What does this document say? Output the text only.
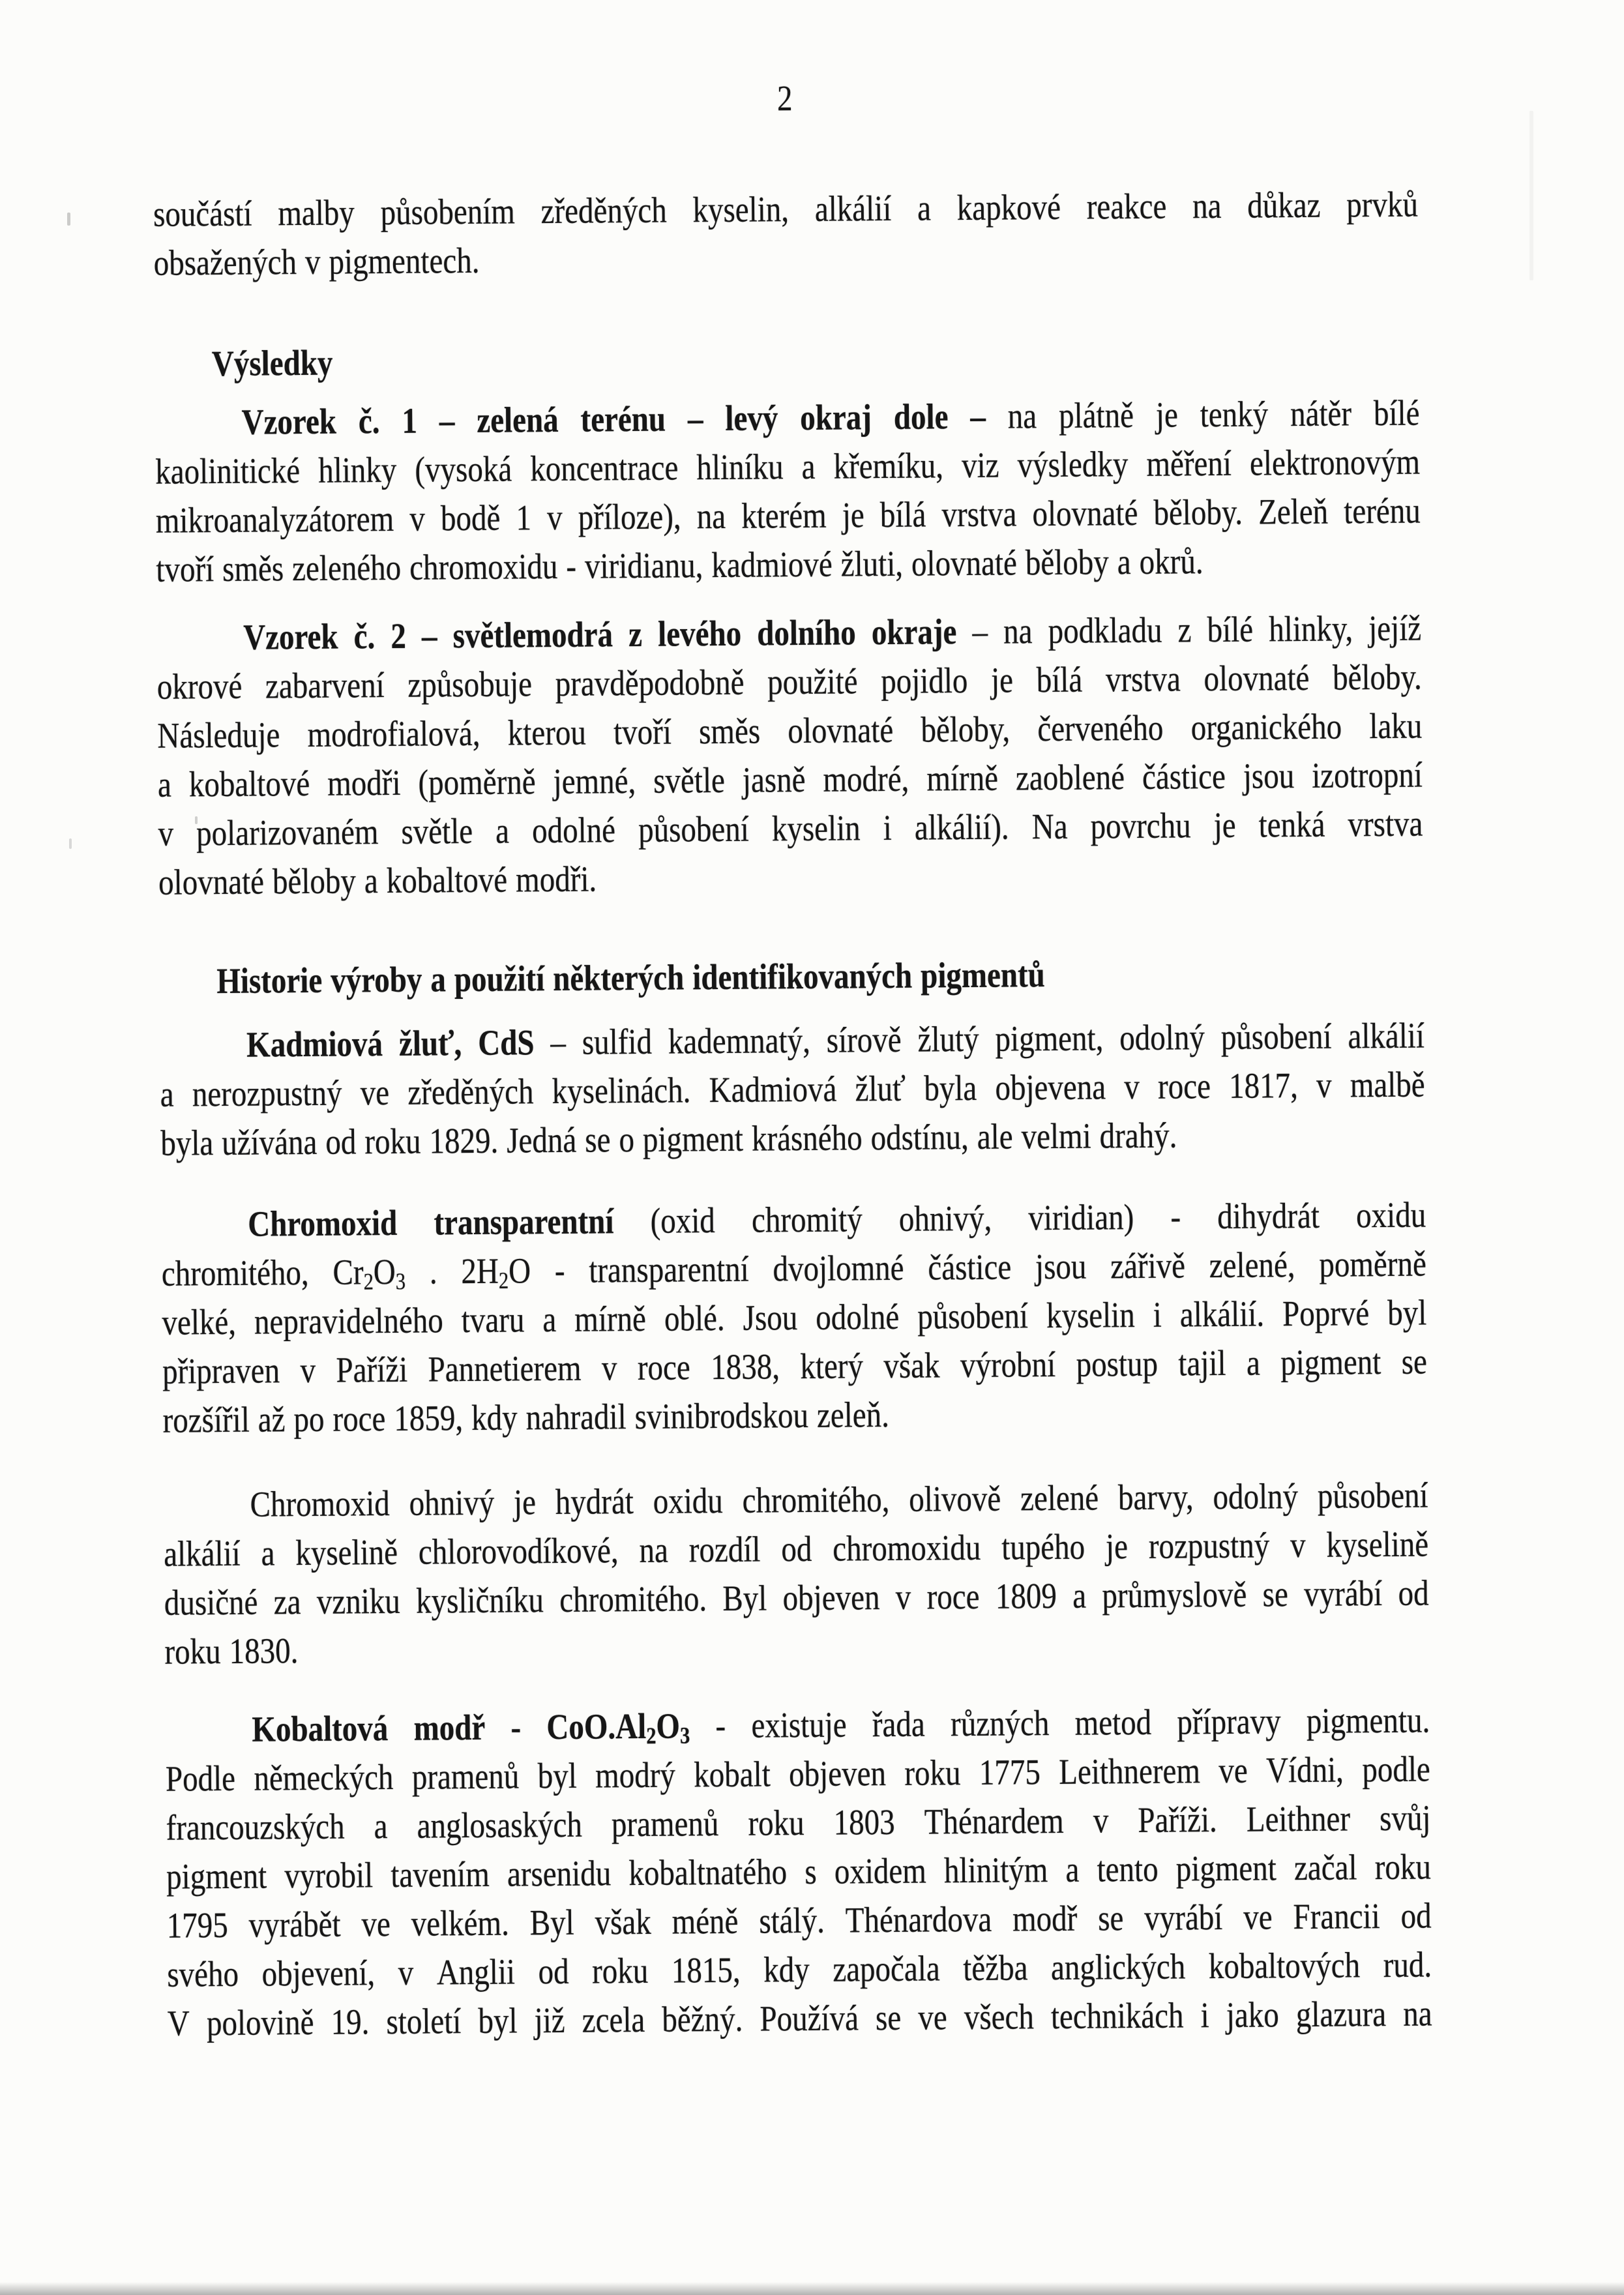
2
součástí malby působením zředěných kyselin, alkálií a kapkové reakce na důkaz prvků
obsažených v pigmentech.
Výsledky
Vzorek č. 1 – zelená terénu – levý okraj dole – na plátně je tenký nátěr bílé
kaolinitické hlinky (vysoká koncentrace hliníku a křemíku, viz výsledky měření elektronovým
mikroanalyzátorem v bodě 1 v příloze), na kterém je bílá vrstva olovnaté běloby. Zeleň terénu
tvoří směs zeleného chromoxidu - viridianu, kadmiové žluti, olovnaté běloby a okrů.
Vzorek č. 2 – světlemodrá z levého dolního okraje – na podkladu z bílé hlinky, jejíž
okrové zabarvení způsobuje pravděpodobně použité pojidlo je bílá vrstva olovnaté běloby.
Následuje modrofialová, kterou tvoří směs olovnaté běloby, červeného organického laku
a kobaltové modři (poměrně jemné, světle jasně modré, mírně zaoblené částice jsou izotropní
v polarizovaném světle a odolné působení kyselin i alkálií). Na povrchu je tenká vrstva
olovnaté běloby a kobaltové modři.
Historie výroby a použití některých identifikovaných pigmentů
Kadmiová žluť, CdS – sulfid kademnatý, sírově žlutý pigment, odolný působení alkálií
a nerozpustný ve zředěných kyselinách. Kadmiová žluť byla objevena v roce 1817, v malbě
byla užívána od roku 1829. Jedná se o pigment krásného odstínu, ale velmi drahý.
Chromoxid transparentní (oxid chromitý ohnivý, viridian) - dihydrát oxidu
chromitého, $Cr_2O_3$ . $2H_2O$ - transparentní dvojlomné částice jsou zářivě zelené, poměrně
velké, nepravidelného tvaru a mírně oblé. Jsou odolné působení kyselin i alkálií. Poprvé byl
připraven v Paříži Pannetierem v roce 1838, který však výrobní postup tajil a pigment se
rozšířil až po roce 1859, kdy nahradil svinibrodskou zeleň.
Chromoxid ohnivý je hydrát oxidu chromitého, olivově zelené barvy, odolný působení
alkálií a kyselině chlorovodíkové, na rozdíl od chromoxidu tupého je rozpustný v kyselině
dusičné za vzniku kysličníku chromitého. Byl objeven v roce 1809 a průmyslově se vyrábí od
roku 1830.
Kobaltová modř - $CoO.Al_2O_3$ - existuje řada různých metod přípravy pigmentu.
Podle německých pramenů byl modrý kobalt objeven roku 1775 Leithnerem ve Vídni, podle
francouzských a anglosaských pramenů roku 1803 Thénardem v Paříži. Leithner svůj
pigment vyrobil tavením arsenidu kobaltnatého s oxidem hlinitým a tento pigment začal roku
1795 vyrábět ve velkém. Byl však méně stálý. Thénardova modř se vyrábí ve Francii od
svého objevení, v Anglii od roku 1815, kdy započala těžba anglických kobaltových rud.
V polovině 19. století byl již zcela běžný. Používá se ve všech technikách i jako glazura na
